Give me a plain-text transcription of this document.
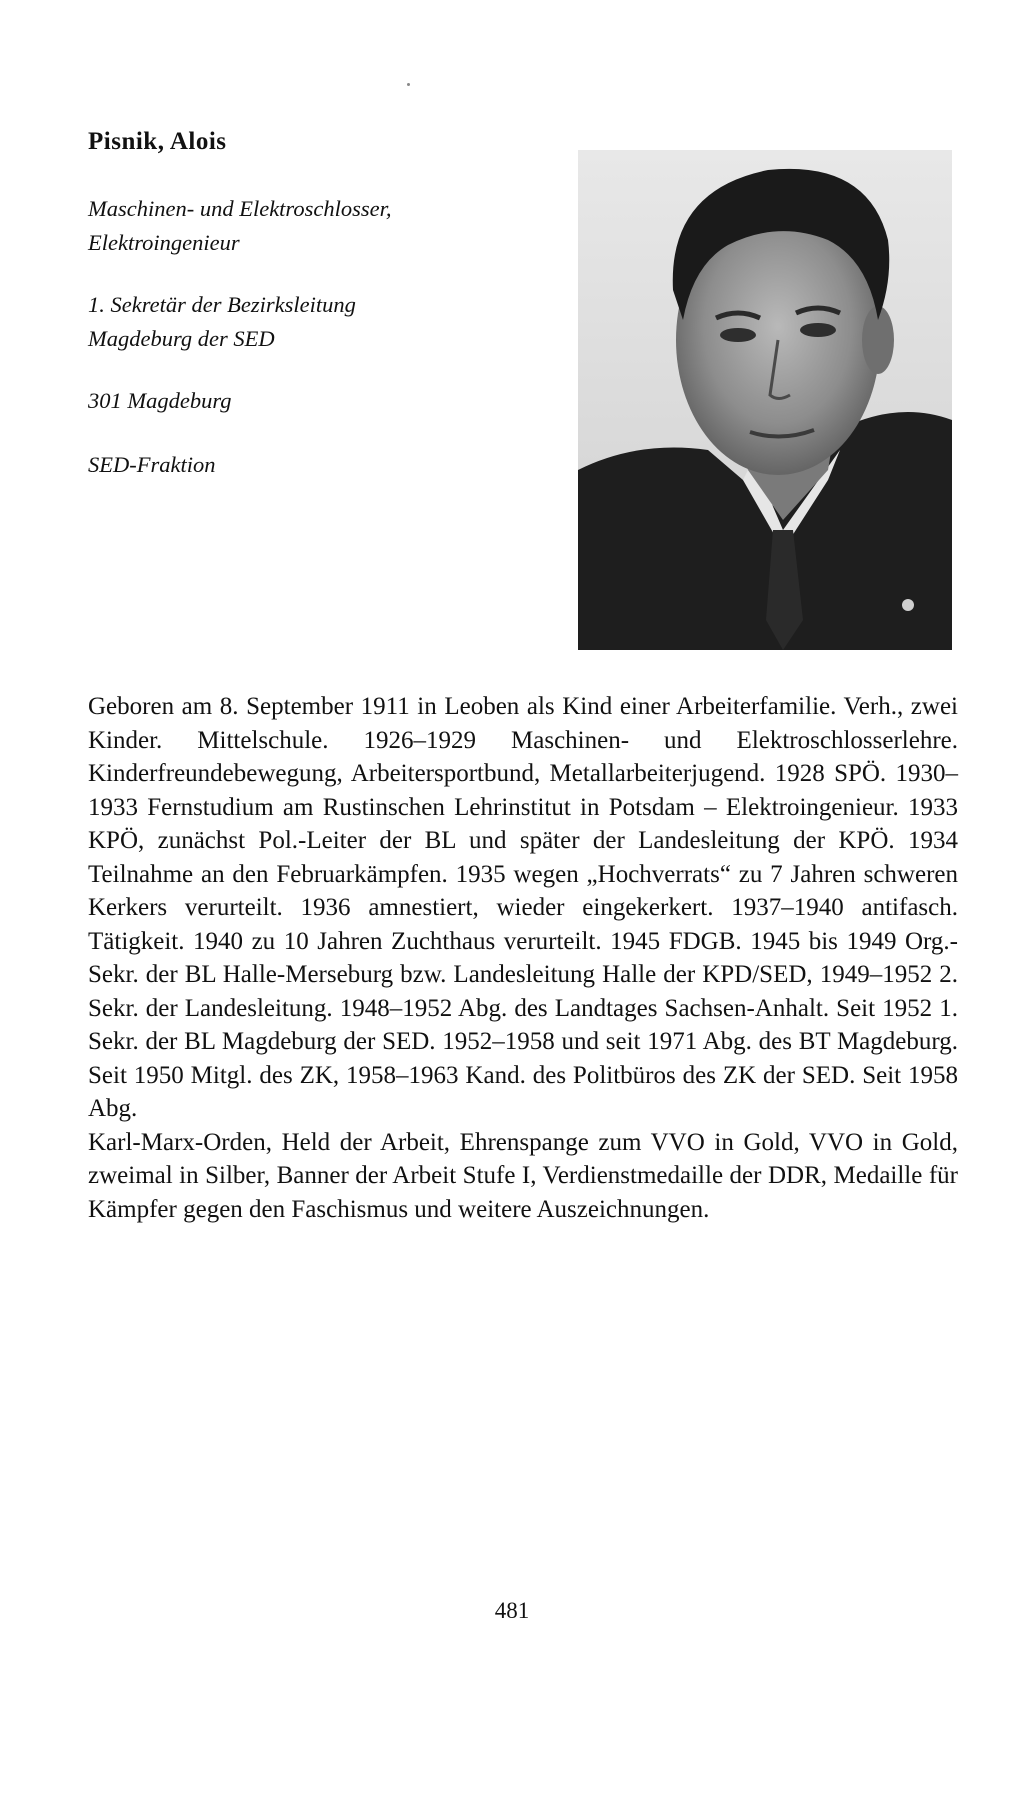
Pisnik, Alois
Maschinen- und Elektroschlosser,
Elektroingenieur
1. Sekretär der Bezirksleitung
Magdeburg der SED
301 Magdeburg
SED-Fraktion

Geboren am 8. September 1911 in Leoben als Kind einer Arbeiterfamilie. Verh., zwei Kinder. Mittelschule. 1926–1929 Maschinen- und Elektroschlosserlehre. Kinderfreundebewegung, Arbeitersportbund, Metallarbeiterjugend. 1928 SPÖ. 1930–1933 Fernstudium am Rustinschen Lehrinstitut in Potsdam – Elektroingenieur. 1933 KPÖ, zunächst Pol.-Leiter der BL und später der Landesleitung der KPÖ. 1934 Teilnahme an den Februarkämpfen. 1935 wegen „Hochverrats“ zu 7 Jahren schweren Kerkers verurteilt. 1936 amnestiert, wieder eingekerkert. 1937–1940 antifasch. Tätigkeit. 1940 zu 10 Jahren Zuchthaus verurteilt. 1945 FDGB. 1945 bis 1949 Org.-Sekr. der BL Halle-Merseburg bzw. Landesleitung Halle der KPD/SED, 1949–1952 2. Sekr. der Landesleitung. 1948–1952 Abg. des Landtages Sachsen-Anhalt. Seit 1952 1. Sekr. der BL Magdeburg der SED. 1952–1958 und seit 1971 Abg. des BT Magdeburg. Seit 1950 Mitgl. des ZK, 1958–1963 Kand. des Politbüros des ZK der SED. Seit 1958 Abg.

Karl-Marx-Orden, Held der Arbeit, Ehrenspange zum VVO in Gold, VVO in Gold, zweimal in Silber, Banner der Arbeit Stufe I, Verdienstmedaille der DDR, Medaille für Kämpfer gegen den Faschismus und weitere Auszeichnungen.

481
